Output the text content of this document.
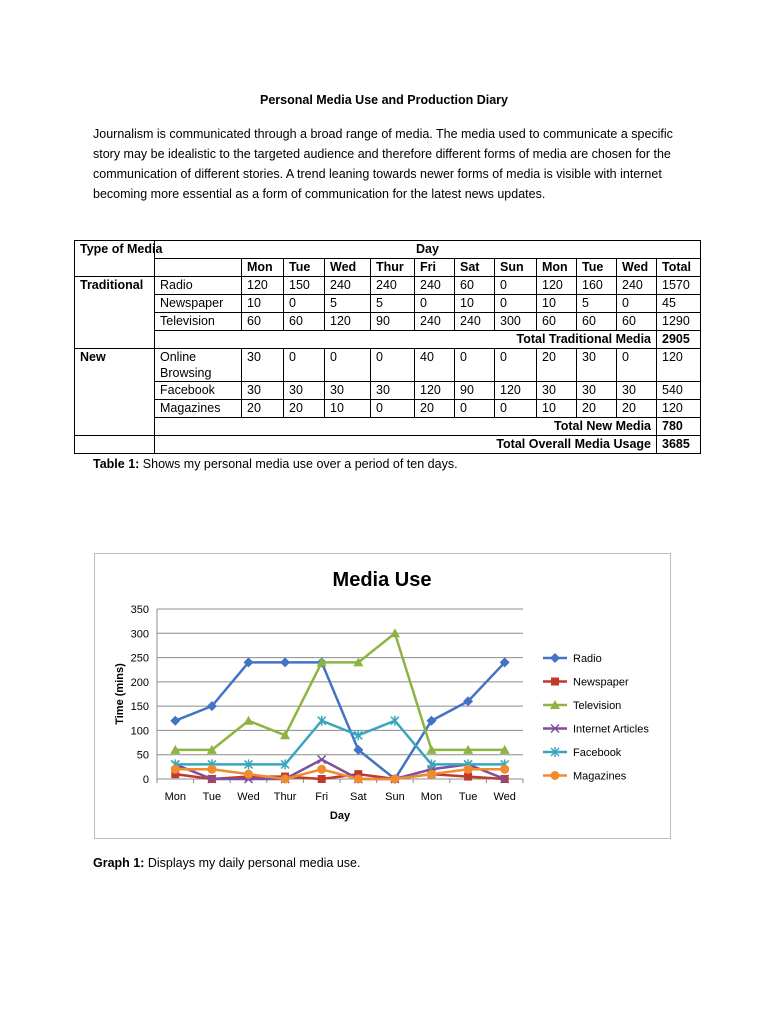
Personal Media Use and Production Diary
Journalism is communicated through a broad range of media. The media used to communicate a specific story may be idealistic to the targeted audience and therefore different forms of media are chosen for the communication of different stories. A trend leaning towards newer forms of media is visible with internet becoming more essential as a form of communication for the latest news updates.
Type of Media	Day											
		Mon	Tue	Wed	Thur	Fri	Sat	Sun	Mon	Tue	Wed	Total
Traditional	Radio	120	150	240	240	240	60	0	120	160	240	1570
	Newspaper	10	0	5	5	0	10	0	10	5	0	45
	Television	60	60	120	90	240	240	300	60	60	60	1290
	Total Traditional Media											2905
New	Online Browsing	30	0	0	0	40	0	0	20	30	0	120
	Facebook	30	30	30	30	120	90	120	30	30	30	540
	Magazines	20	20	10	0	20	0	0	10	20	20	120
	Total New Media											780
	Total Overall Media Usage											3685
Table 1: Shows my personal media use over a period of ten days.
Media Use
0
50
100
150
200
250
300
350
Mon Tue Wed Thur Fri Sat Sun Mon Tue Wed
Day
Time (mins)
Radio
Newspaper
Television
Internet Articles
Facebook
Magazines
Graph 1: Displays my daily personal media use.
